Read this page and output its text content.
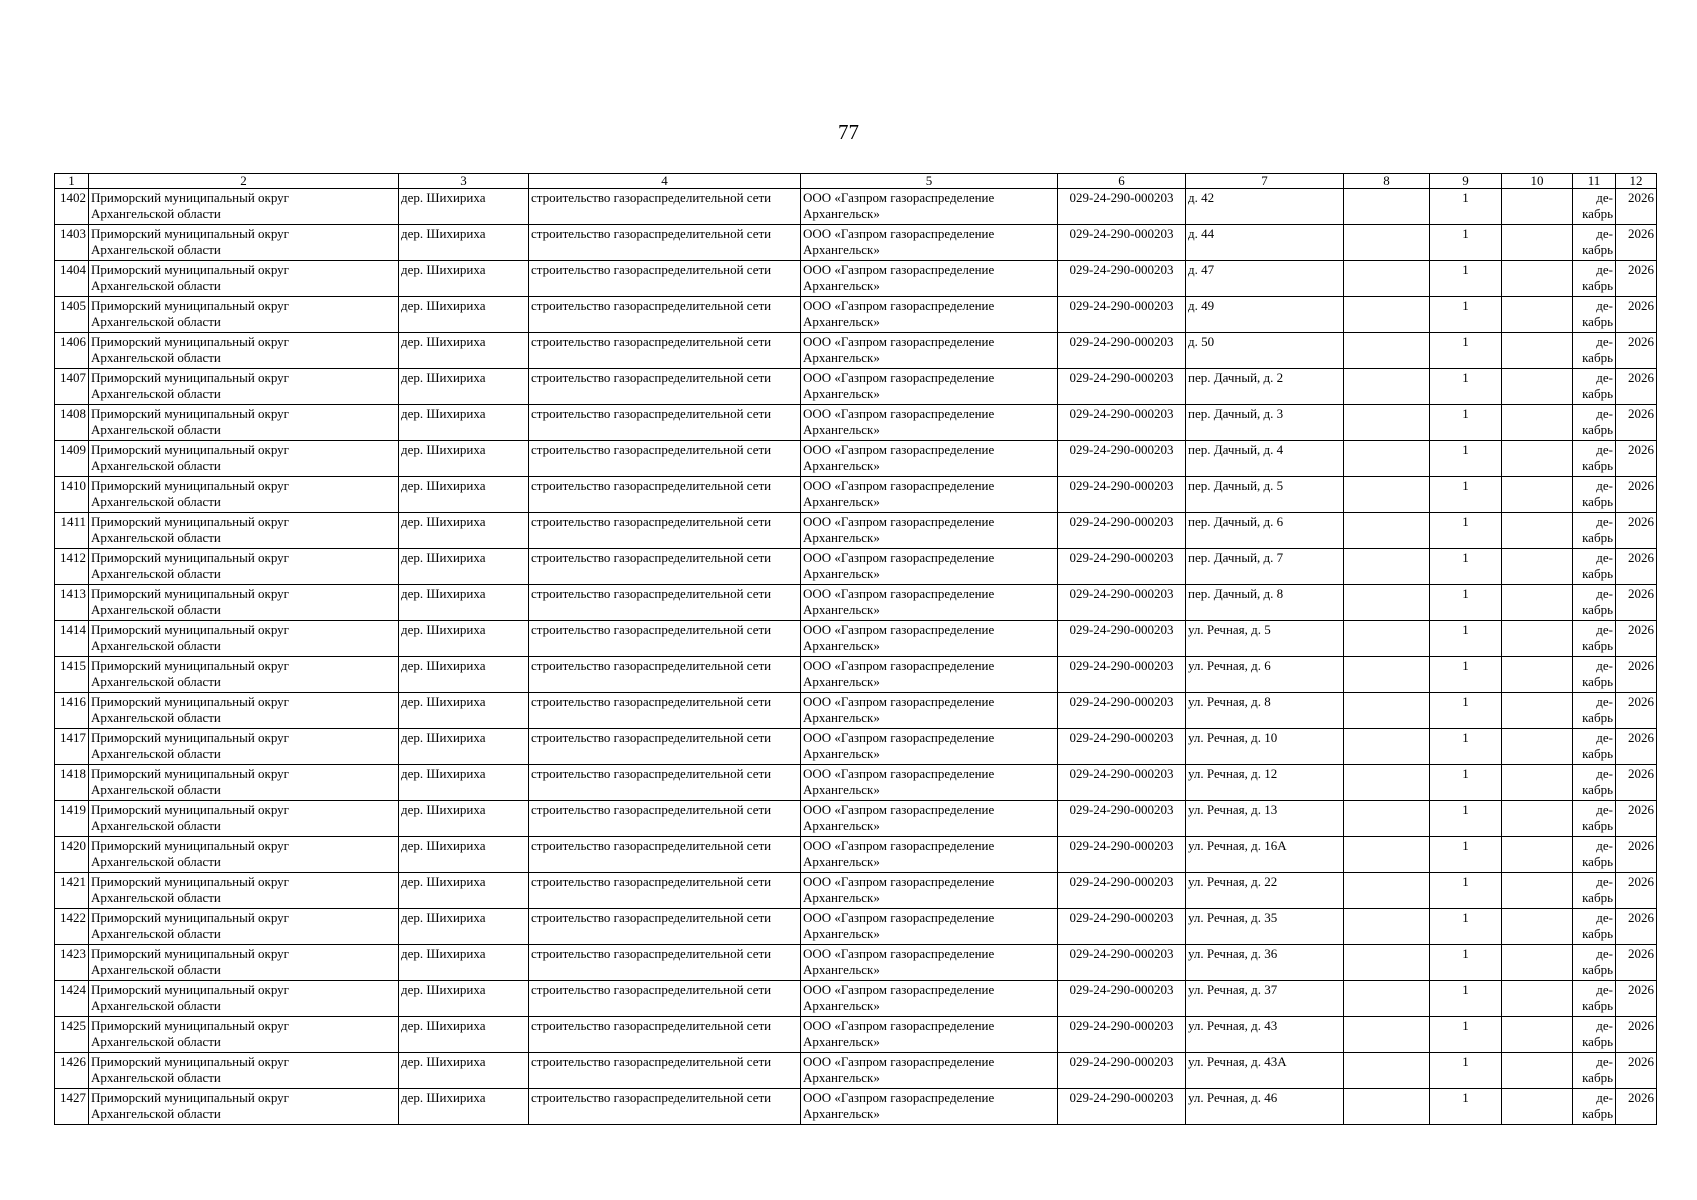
77
1	2	3	4	5	6	7	8	9	10	11	12
1402	Приморский муниципальный округ
Архангельской области	дер. Шихириха	строительство газораспределительной сети	ООО «Газпром газораспределение
Архангельск»	029-24-290-000203	д. 42		1		де-
кабрь	2026
1403	Приморский муниципальный округ
Архангельской области	дер. Шихириха	строительство газораспределительной сети	ООО «Газпром газораспределение
Архангельск»	029-24-290-000203	д. 44		1		де-
кабрь	2026
1404	Приморский муниципальный округ
Архангельской области	дер. Шихириха	строительство газораспределительной сети	ООО «Газпром газораспределение
Архангельск»	029-24-290-000203	д. 47		1		де-
кабрь	2026
1405	Приморский муниципальный округ
Архангельской области	дер. Шихириха	строительство газораспределительной сети	ООО «Газпром газораспределение
Архангельск»	029-24-290-000203	д. 49		1		де-
кабрь	2026
1406	Приморский муниципальный округ
Архангельской области	дер. Шихириха	строительство газораспределительной сети	ООО «Газпром газораспределение
Архангельск»	029-24-290-000203	д. 50		1		де-
кабрь	2026
1407	Приморский муниципальный округ
Архангельской области	дер. Шихириха	строительство газораспределительной сети	ООО «Газпром газораспределение
Архангельск»	029-24-290-000203	пер. Дачный, д. 2		1		де-
кабрь	2026
1408	Приморский муниципальный округ
Архангельской области	дер. Шихириха	строительство газораспределительной сети	ООО «Газпром газораспределение
Архангельск»	029-24-290-000203	пер. Дачный, д. 3		1		де-
кабрь	2026
1409	Приморский муниципальный округ
Архангельской области	дер. Шихириха	строительство газораспределительной сети	ООО «Газпром газораспределение
Архангельск»	029-24-290-000203	пер. Дачный, д. 4		1		де-
кабрь	2026
1410	Приморский муниципальный округ
Архангельской области	дер. Шихириха	строительство газораспределительной сети	ООО «Газпром газораспределение
Архангельск»	029-24-290-000203	пер. Дачный, д. 5		1		де-
кабрь	2026
1411	Приморский муниципальный округ
Архангельской области	дер. Шихириха	строительство газораспределительной сети	ООО «Газпром газораспределение
Архангельск»	029-24-290-000203	пер. Дачный, д. 6		1		де-
кабрь	2026
1412	Приморский муниципальный округ
Архангельской области	дер. Шихириха	строительство газораспределительной сети	ООО «Газпром газораспределение
Архангельск»	029-24-290-000203	пер. Дачный, д. 7		1		де-
кабрь	2026
1413	Приморский муниципальный округ
Архангельской области	дер. Шихириха	строительство газораспределительной сети	ООО «Газпром газораспределение
Архангельск»	029-24-290-000203	пер. Дачный, д. 8		1		де-
кабрь	2026
1414	Приморский муниципальный округ
Архангельской области	дер. Шихириха	строительство газораспределительной сети	ООО «Газпром газораспределение
Архангельск»	029-24-290-000203	ул. Речная, д. 5		1		де-
кабрь	2026
1415	Приморский муниципальный округ
Архангельской области	дер. Шихириха	строительство газораспределительной сети	ООО «Газпром газораспределение
Архангельск»	029-24-290-000203	ул. Речная, д. 6		1		де-
кабрь	2026
1416	Приморский муниципальный округ
Архангельской области	дер. Шихириха	строительство газораспределительной сети	ООО «Газпром газораспределение
Архангельск»	029-24-290-000203	ул. Речная, д. 8		1		де-
кабрь	2026
1417	Приморский муниципальный округ
Архангельской области	дер. Шихириха	строительство газораспределительной сети	ООО «Газпром газораспределение
Архангельск»	029-24-290-000203	ул. Речная, д. 10		1		де-
кабрь	2026
1418	Приморский муниципальный округ
Архангельской области	дер. Шихириха	строительство газораспределительной сети	ООО «Газпром газораспределение
Архангельск»	029-24-290-000203	ул. Речная, д. 12		1		де-
кабрь	2026
1419	Приморский муниципальный округ
Архангельской области	дер. Шихириха	строительство газораспределительной сети	ООО «Газпром газораспределение
Архангельск»	029-24-290-000203	ул. Речная, д. 13		1		де-
кабрь	2026
1420	Приморский муниципальный округ
Архангельской области	дер. Шихириха	строительство газораспределительной сети	ООО «Газпром газораспределение
Архангельск»	029-24-290-000203	ул. Речная, д. 16А		1		де-
кабрь	2026
1421	Приморский муниципальный округ
Архангельской области	дер. Шихириха	строительство газораспределительной сети	ООО «Газпром газораспределение
Архангельск»	029-24-290-000203	ул. Речная, д. 22		1		де-
кабрь	2026
1422	Приморский муниципальный округ
Архангельской области	дер. Шихириха	строительство газораспределительной сети	ООО «Газпром газораспределение
Архангельск»	029-24-290-000203	ул. Речная, д. 35		1		де-
кабрь	2026
1423	Приморский муниципальный округ
Архангельской области	дер. Шихириха	строительство газораспределительной сети	ООО «Газпром газораспределение
Архангельск»	029-24-290-000203	ул. Речная, д. 36		1		де-
кабрь	2026
1424	Приморский муниципальный округ
Архангельской области	дер. Шихириха	строительство газораспределительной сети	ООО «Газпром газораспределение
Архангельск»	029-24-290-000203	ул. Речная, д. 37		1		де-
кабрь	2026
1425	Приморский муниципальный округ
Архангельской области	дер. Шихириха	строительство газораспределительной сети	ООО «Газпром газораспределение
Архангельск»	029-24-290-000203	ул. Речная, д. 43		1		де-
кабрь	2026
1426	Приморский муниципальный округ
Архангельской области	дер. Шихириха	строительство газораспределительной сети	ООО «Газпром газораспределение
Архангельск»	029-24-290-000203	ул. Речная, д. 43А		1		де-
кабрь	2026
1427	Приморский муниципальный округ
Архангельской области	дер. Шихириха	строительство газораспределительной сети	ООО «Газпром газораспределение
Архангельск»	029-24-290-000203	ул. Речная, д. 46		1		де-
кабрь	2026
